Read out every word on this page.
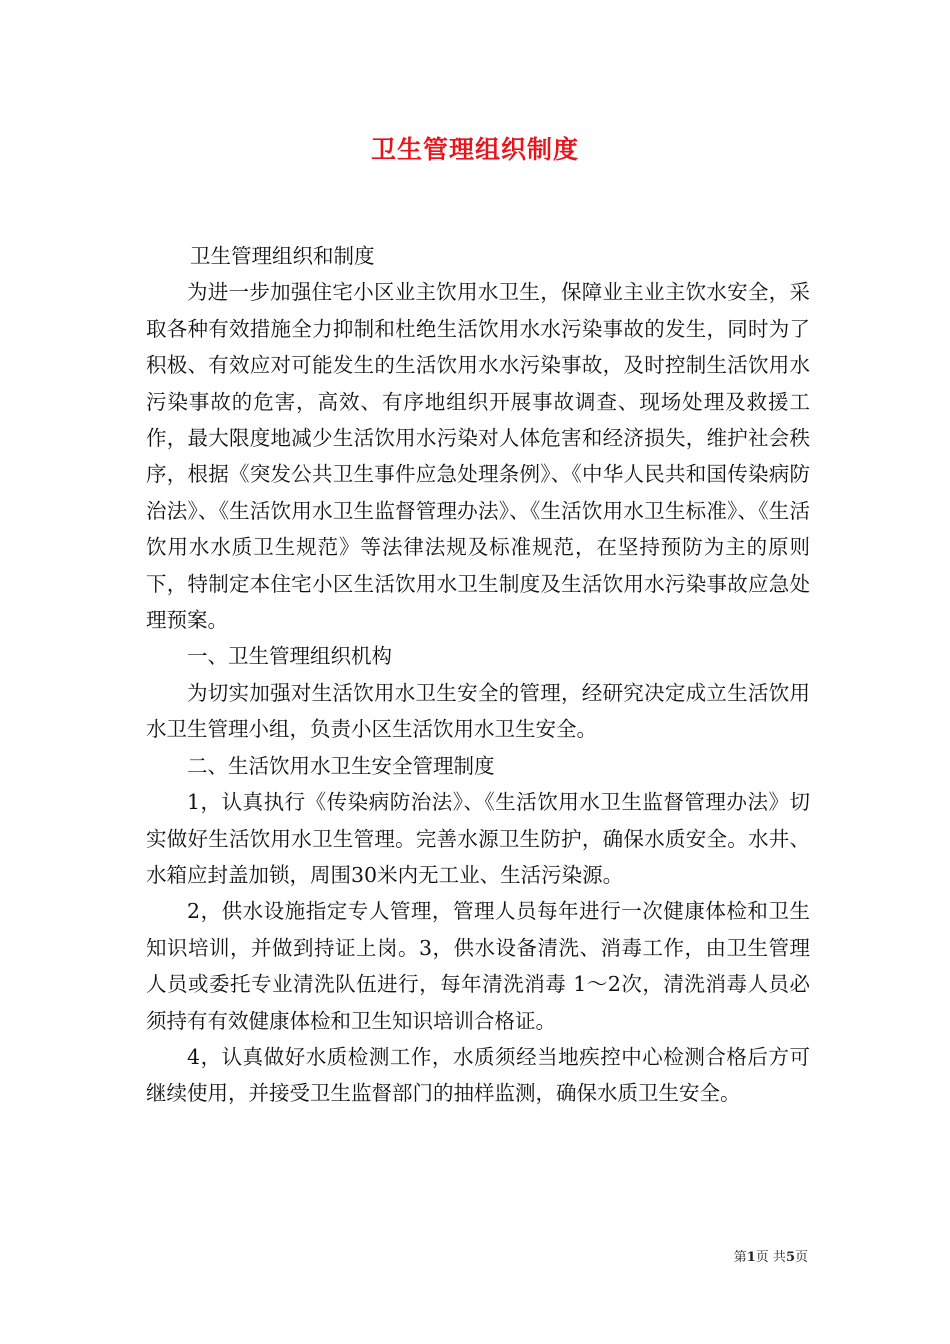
卫生管理组织制度

卫生管理组织和制度

为进一步加强住宅小区业主饮用水卫生，保障业主业主饮水安全，采取各种有效措施全力抑制和杜绝生活饮用水水污染事故的发生，同时为了积极、有效应对可能发生的生活饮用水水污染事故，及时控制生活饮用水污染事故的危害，高效、有序地组织开展事故调查、现场处理及救援工作，最大限度地减少生活饮用水污染对人体危害和经济损失，维护社会秩序，根据《突发公共卫生事件应急处理条例》、《中华人民共和国传染病防治法》、《生活饮用水卫生监督管理办法》、《生活饮用水卫生标准》、《生活饮用水水质卫生规范》等法律法规及标准规范，在坚持预防为主的原则下，特制定本住宅小区生活饮用水卫生制度及生活饮用水污染事故应急处理预案。

一、卫生管理组织机构

为切实加强对生活饮用水卫生安全的管理，经研究决定成立生活饮用水卫生管理小组，负责小区生活饮用水卫生安全。

二、生活饮用水卫生安全管理制度

1，认真执行《传染病防治法》、《生活饮用水卫生监督管理办法》切实做好生活饮用水卫生管理。完善水源卫生防护，确保水质安全。水井、水箱应封盖加锁，周围30米内无工业、生活污染源。

2，供水设施指定专人管理，管理人员每年进行一次健康体检和卫生知识培训，并做到持证上岗。3，供水设备清洗、消毒工作，由卫生管理人员或委托专业清洗队伍进行，每年清洗消毒 1～2次，清洗消毒人员必须持有有效健康体检和卫生知识培训合格证。

4，认真做好水质检测工作，水质须经当地疾控中心检测合格后方可继续使用，并接受卫生监督部门的抽样监测，确保水质卫生安全。

第1页 共5页
